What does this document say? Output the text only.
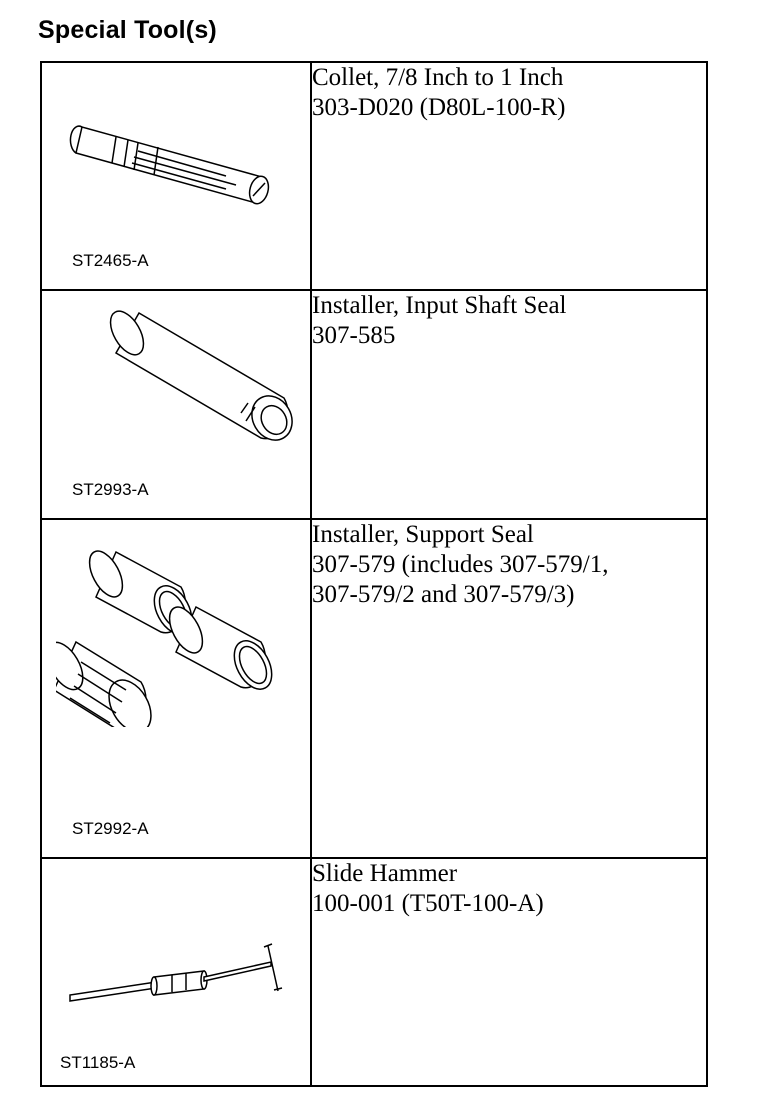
Special Tool(s)
ST2465-A	Collet, 7/8 Inch to 1 Inch
303-D020 (D80L-100-R)

ST2993-A	Installer, Input Shaft Seal
307-585

ST2992-A	Installer, Support Seal
307-579 (includes 307-579/1,
307-579/2 and 307-579/3)

ST1185-A	Slide Hammer
100-001 (T50T-100-A)
